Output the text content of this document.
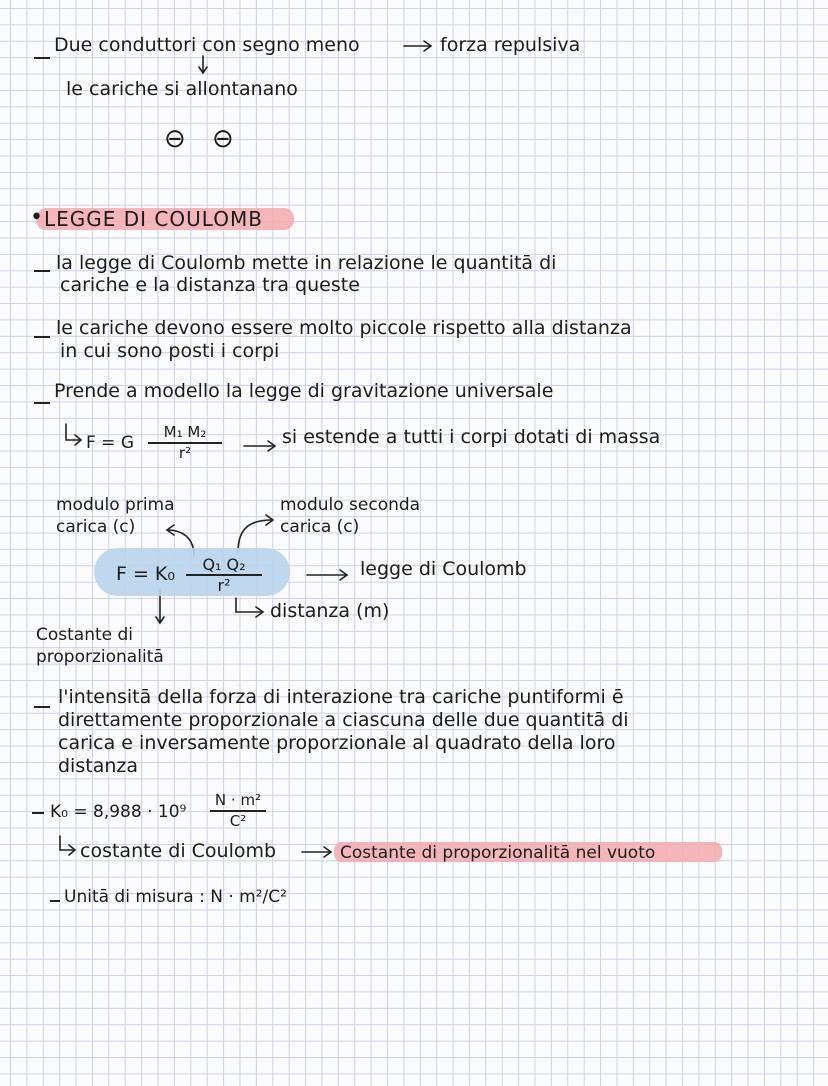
Due conduttori con segno meno	forza repulsiva
le cariche si allontanano
⊖ ⊖
• LEGGE DI COULOMB
la legge di Coulomb mette in relazione le quantitā di
cariche e la distanza tra queste
le cariche devono essere molto piccole rispetto alla distanza
in cui sono posti i corpi
Prende a modello la legge di gravitazione universale
F = G
M₁ M₂
r²
si estende a tutti i corpi dotati di massa
modulo prima
carica (c)
modulo seconda
carica (c)
F = K₀ Q₁ Q₂
r²
legge di Coulomb
distanza (m)
Costante di
proporzionalitā
l'intensitā della forza di interazione tra cariche puntiformi ē
direttamente proporzionale a ciascuna delle due quantitā di
carica e inversamente proporzionale al quadrato della loro
distanza
K₀ = 8,988 · 10⁹
N · m²
C²
costante di Coulomb	Costante di proporzionalitā nel vuoto
Unitā di misura : N · m²/C²
